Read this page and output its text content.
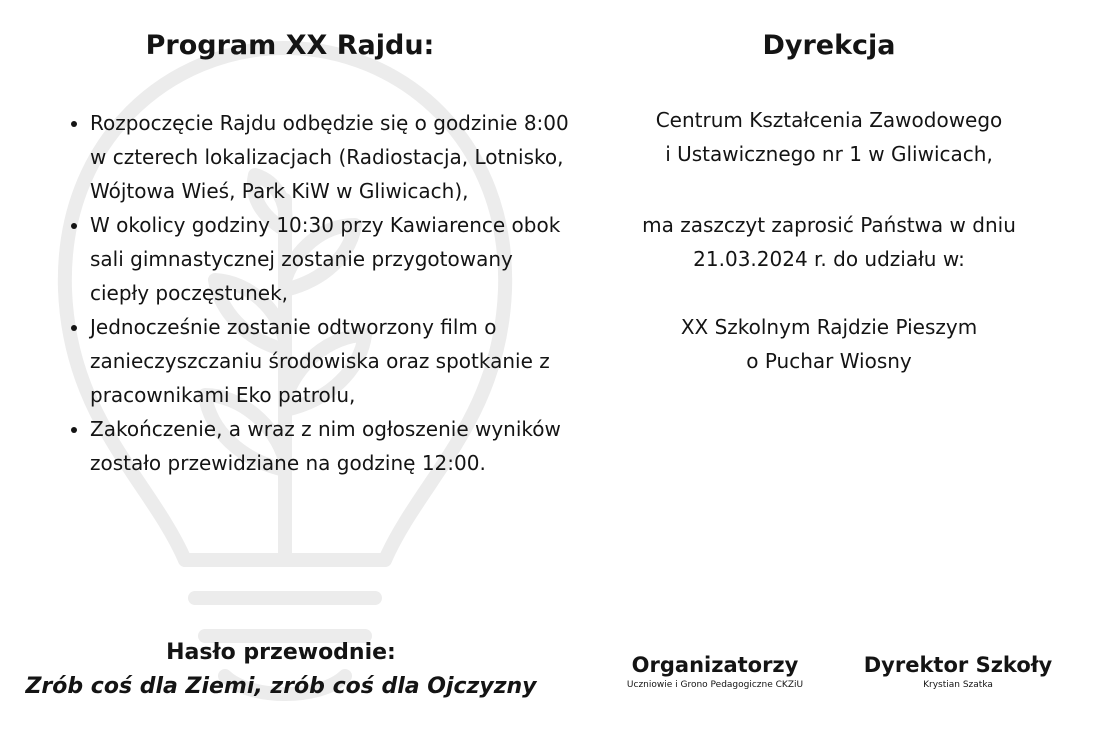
Program XX Rajdu:
• Rozpoczęcie Rajdu odbędzie się o godzinie 8:00 w czterech lokalizacjach (Radiostacja, Lotnisko, Wójtowa Wieś, Park KiW w Gliwicach),
• W okolicy godziny 10:30 przy Kawiarence obok sali gimnastycznej zostanie przygotowany ciepły poczęstunek,
• Jednocześnie zostanie odtworzony film o zanieczyszczaniu środowiska oraz spotkanie z pracownikami Eko patrolu,
• Zakończenie, a wraz z nim ogłoszenie wyników zostało przewidziane na godzinę 12:00.

Hasło przewodnie:

Zrób coś dla Ziemi, zrób coś dla Ojczyzny

Dyrekcja

Centrum Kształcenia Zawodowego
i Ustawicznego nr 1 w Gliwicach,

ma zaszczyt zaprosić Państwa w dniu
21.03.2024 r. do udziału w:

XX Szkolnym Rajdzie Pieszym
o Puchar Wiosny

Organizatorzy

Uczniowie i Grono Pedagogiczne CKZiU

Dyrektor Szkoły

Krystian Szatka
